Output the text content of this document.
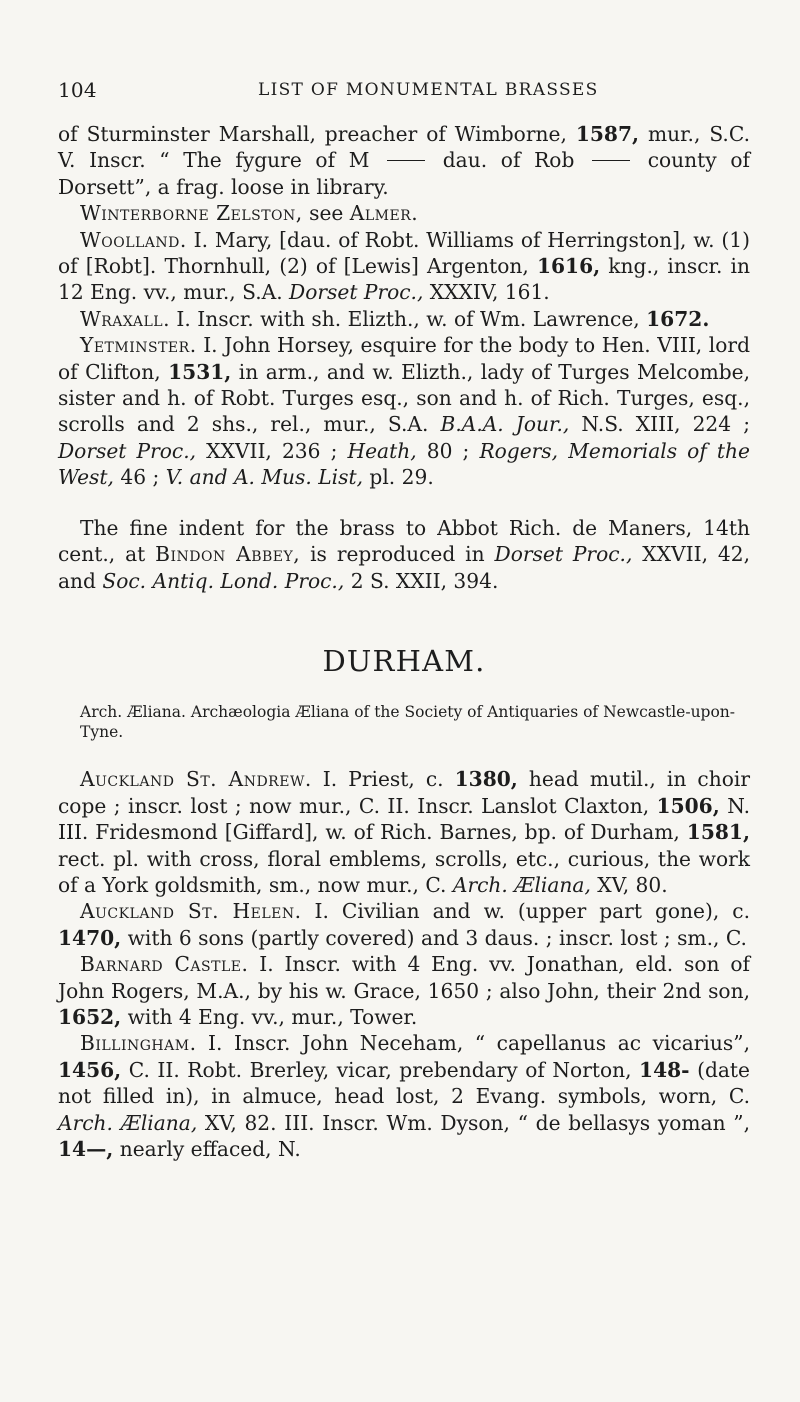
104	LIST OF MONUMENTAL BRASSES

of Sturminster Marshall, preacher of Wimborne, 1587, mur., S.C. V. Inscr. “ The fygure of M  dau. of Rob  county of Dorsett”, a frag. loose in library.

Winterborne Zelston, see Almer.

Woolland. I. Mary, [dau. of Robt. Williams of Herringston], w. (1) of [Robt]. Thornhull, (2) of [Lewis] Argenton, 1616, kng., inscr. in 12 Eng. vv., mur., S.A. Dorset Proc., XXXIV, 161.

Wraxall. I. Inscr. with sh. Elizth., w. of Wm. Lawrence, 1672.

Yetminster. I. John Horsey, esquire for the body to Hen. VIII, lord of Clifton, 1531, in arm., and w. Elizth., lady of Turges Melcombe, sister and h. of Robt. Turges esq., son and h. of Rich. Turges, esq., scrolls and 2 shs., rel., mur., S.A. B.A.A. Jour., N.S. XIII, 224 ; Dorset Proc., XXVII, 236 ; Heath, 80 ; Rogers, Memorials of the West, 46 ; V. and A. Mus. List, pl. 29.

The fine indent for the brass to Abbot Rich. de Maners, 14th cent., at Bindon Abbey, is reproduced in Dorset Proc., XXVII, 42, and Soc. Antiq. Lond. Proc., 2 S. XXII, 394.

DURHAM.

Arch. Æliana. Archæologia Æliana of the Society of Antiquaries of Newcastle-upon-Tyne.

Auckland St. Andrew. I. Priest, c. 1380, head mutil., in choir cope ; inscr. lost ; now mur., C. II. Inscr. Lanslot Claxton, 1506, N. III. Fridesmond [Giffard], w. of Rich. Barnes, bp. of Durham, 1581, rect. pl. with cross, floral emblems, scrolls, etc., curious, the work of a York goldsmith, sm., now mur., C. Arch. Æliana, XV, 80.

Auckland St. Helen. I. Civilian and w. (upper part gone), c. 1470, with 6 sons (partly covered) and 3 daus. ; inscr. lost ; sm., C.

Barnard Castle. I. Inscr. with 4 Eng. vv. Jonathan, eld. son of John Rogers, M.A., by his w. Grace, 1650 ; also John, their 2nd son, 1652, with 4 Eng. vv., mur., Tower.

Billingham. I. Inscr. John Neceham, “ capellanus ac vicarius”, 1456, C. II. Robt. Brerley, vicar, prebendary of Norton, 148- (date not filled in), in almuce, head lost, 2 Evang. symbols, worn, C. Arch. Æliana, XV, 82. III. Inscr. Wm. Dyson, “ de bellasys yoman ”, 14—, nearly effaced, N.
